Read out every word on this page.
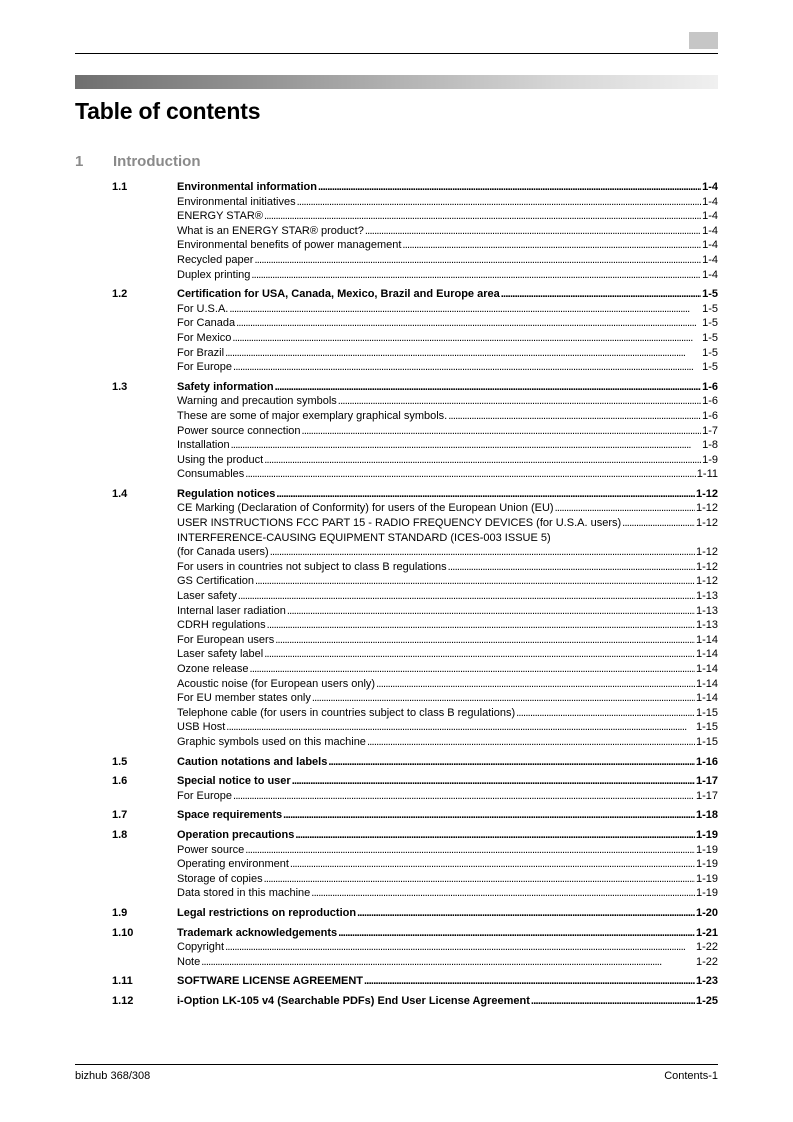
Table of contents
1 Introduction
1.1	Environmental information . . .	1-4
Environmental initiatives . . .	1-4
ENERGY STAR® . . .	1-4
What is an ENERGY STAR® product? . . .	1-4
Environmental benefits of power management . . .	1-4
Recycled paper . . .	1-4
Duplex printing . . .	1-4
1.2	Certification for USA, Canada, Mexico, Brazil and Europe area . . .	1-5
For U.S.A. . . .	1-5
For Canada . . .	1-5
For Mexico . . .	1-5
For Brazil . . .	1-5
For Europe . . .	1-5
1.3	Safety information . . .	1-6
Warning and precaution symbols . . .	1-6
These are some of major exemplary graphical symbols. . . .	1-6
Power source connection . . .	1-7
Installation . . .	1-8
Using the product . . .	1-9
Consumables . . .	1-11
1.4	Regulation notices . . .	1-12
CE Marking (Declaration of Conformity) for users of the European Union (EU) . . .	1-12
USER INSTRUCTIONS FCC PART 15 - RADIO FREQUENCY DEVICES (for U.S.A. users) . . .	1-12
INTERFERENCE-CAUSING EQUIPMENT STANDARD (ICES-003 ISSUE 5)
(for Canada users) . . .	1-12
For users in countries not subject to class B regulations . . .	1-12
GS Certification . . .	1-12
Laser safety . . .	1-13
Internal laser radiation . . .	1-13
CDRH regulations . . .	1-13
For European users . . .	1-14
Laser safety label . . .	1-14
Ozone release . . .	1-14
Acoustic noise (for European users only) . . .	1-14
For EU member states only . . .	1-14
Telephone cable (for users in countries subject to class B regulations) . . .	1-15
USB Host . . .	1-15
Graphic symbols used on this machine . . .	1-15
1.5	Caution notations and labels . . .	1-16
1.6	Special notice to user . . .	1-17
For Europe . . .	1-17
1.7	Space requirements . . .	1-18
1.8	Operation precautions . . .	1-19
Power source . . .	1-19
Operating environment . . .	1-19
Storage of copies . . .	1-19
Data stored in this machine . . .	1-19
1.9	Legal restrictions on reproduction . . .	1-20
1.10	Trademark acknowledgements . . .	1-21
Copyright . . .	1-22
Note . . .	1-22
1.11	SOFTWARE LICENSE AGREEMENT . . .	1-23
1.12	i-Option LK-105 v4 (Searchable PDFs) End User License Agreement . . .	1-25
bizhub 368/308	Contents-1
